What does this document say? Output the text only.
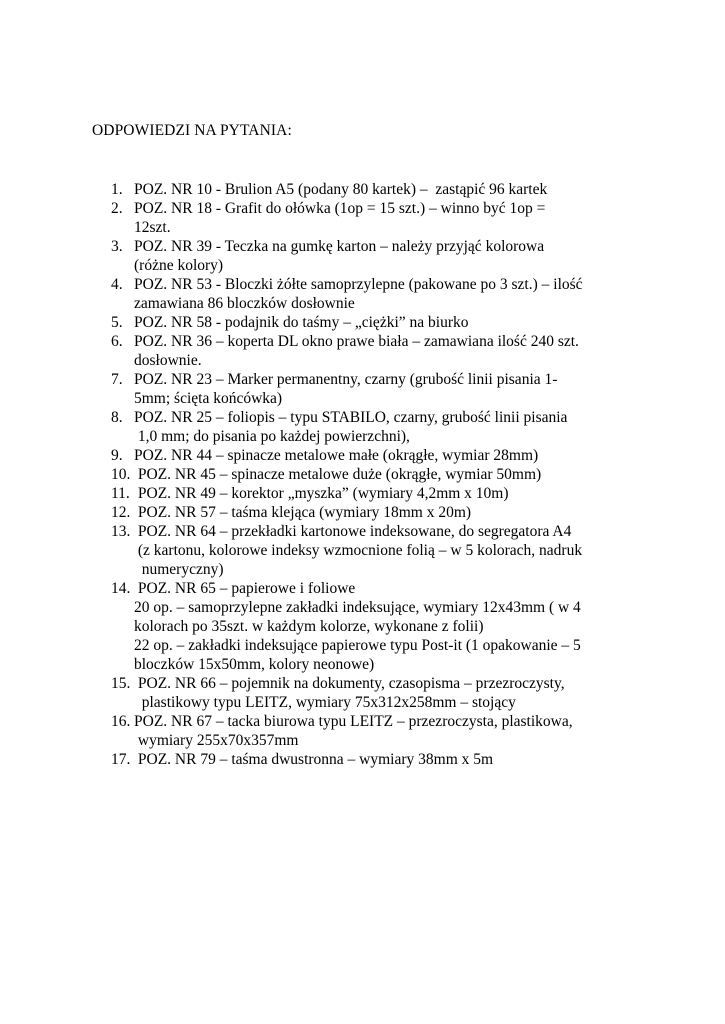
ODPOWIEDZI NA PYTANIA:
1. POZ. NR 10 - Brulion A5 (podany 80 kartek) –  zastąpić 96 kartek
2. POZ. NR 18 - Grafit do ołówka (1op = 15 szt.) – winno być 1op =
12szt.
3. POZ. NR 39 - Teczka na gumkę karton – należy przyjąć kolorowa
(różne kolory)
4. POZ. NR 53 - Bloczki żółte samoprzylepne (pakowane po 3 szt.) – ilość
zamawiana 86 bloczków dosłownie
5. POZ. NR 58 - podajnik do taśmy – „ciężki” na biurko
6. POZ. NR 36 – koperta DL okno prawe biała – zamawiana ilość 240 szt.
dosłownie.
7. POZ. NR 23 – Marker permanentny, czarny (grubość linii pisania 1-
5mm; ścięta końcówka)
8. POZ. NR 25 – foliopis – typu STABILO, czarny, grubość linii pisania
1,0 mm; do pisania po każdej powierzchni),
9. POZ. NR 44 – spinacze metalowe małe (okrągłe, wymiar 28mm)
10. POZ. NR 45 – spinacze metalowe duże (okrągłe, wymiar 50mm)
11. POZ. NR 49 – korektor „myszka” (wymiary 4,2mm x 10m)
12. POZ. NR 57 – taśma klejąca (wymiary 18mm x 20m)
13. POZ. NR 64 – przekładki kartonowe indeksowane, do segregatora A4
(z kartonu, kolorowe indeksy wzmocnione folią – w 5 kolorach, nadruk
numeryczny)
14. POZ. NR 65 – papierowe i foliowe
20 op. – samoprzylepne zakładki indeksujące, wymiary 12x43mm ( w 4
kolorach po 35szt. w każdym kolorze, wykonane z folii)
22 op. – zakładki indeksujące papierowe typu Post-it (1 opakowanie – 5
bloczków 15x50mm, kolory neonowe)
15. POZ. NR 66 – pojemnik na dokumenty, czasopisma – przezroczysty,
plastikowy typu LEITZ, wymiary 75x312x258mm – stojący
16. POZ. NR 67 – tacka biurowa typu LEITZ – przezroczysta, plastikowa,
wymiary 255x70x357mm
17. POZ. NR 79 – taśma dwustronna – wymiary 38mm x 5m
